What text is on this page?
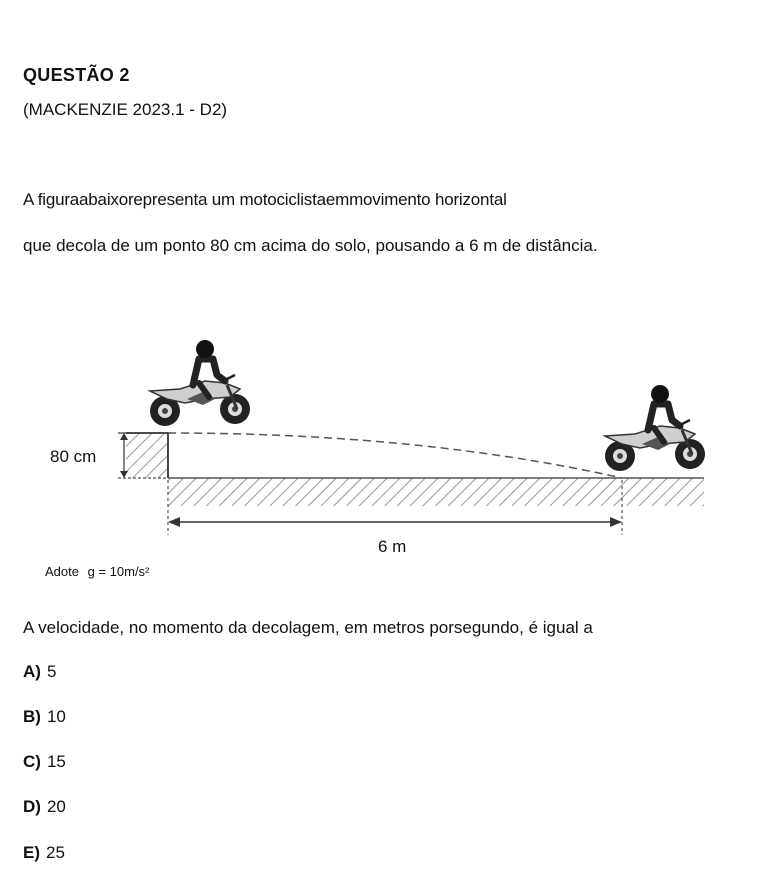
QUESTÃO 2
(MACKENZIE 2023.1 - D2)
A figuraabaixorepresenta um motociclistaemmovimento horizontal
que decola de um ponto 80 cm acima do solo, pousando a 6 m de distância.
80 cm
6 m
Adote g = 10m/s²
A velocidade, no momento da decolagem, em metros porsegundo, é igual a
A) 5
B) 10
C) 15
D) 20
E) 25
